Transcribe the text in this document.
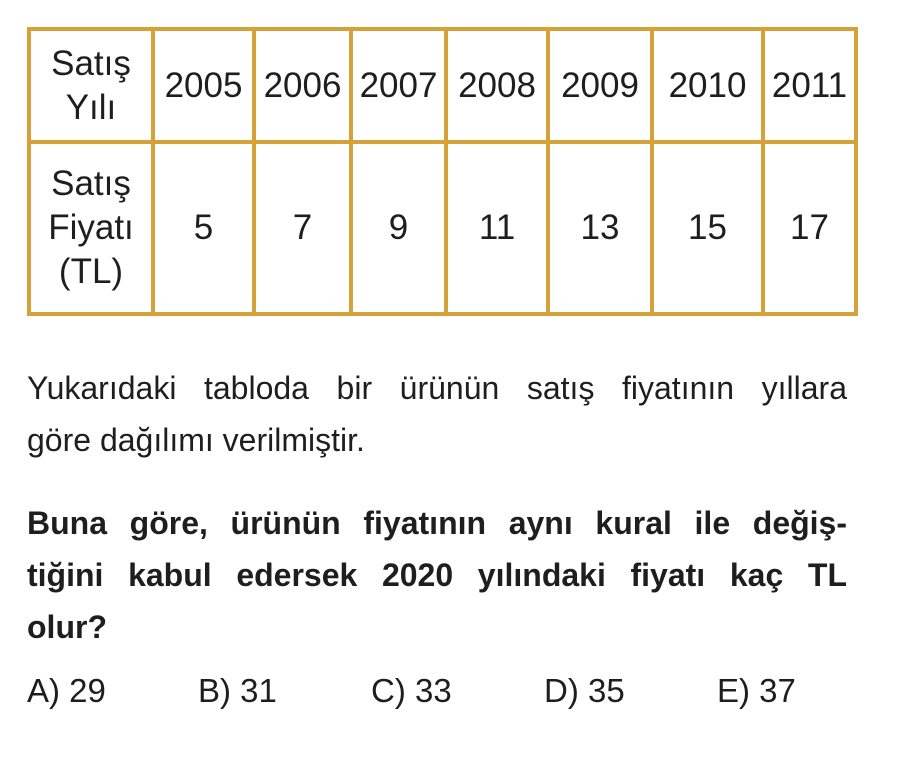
Satış
Yılı	2005	2006	2007	2008	2009	2010	2011

Satış
Fiyatı
(TL)	5	7	9	11	13	15	17

Yukarıdaki tabloda bir ürünün satış fiyatının yıllara
göre dağılımı verilmiştir.

Buna göre, ürünün fiyatının aynı kural ile değiş-
tiğini kabul edersek 2020 yılındaki fiyatı kaç TL
olur?

A) 29	B) 31	C) 33	D) 35	E) 37
